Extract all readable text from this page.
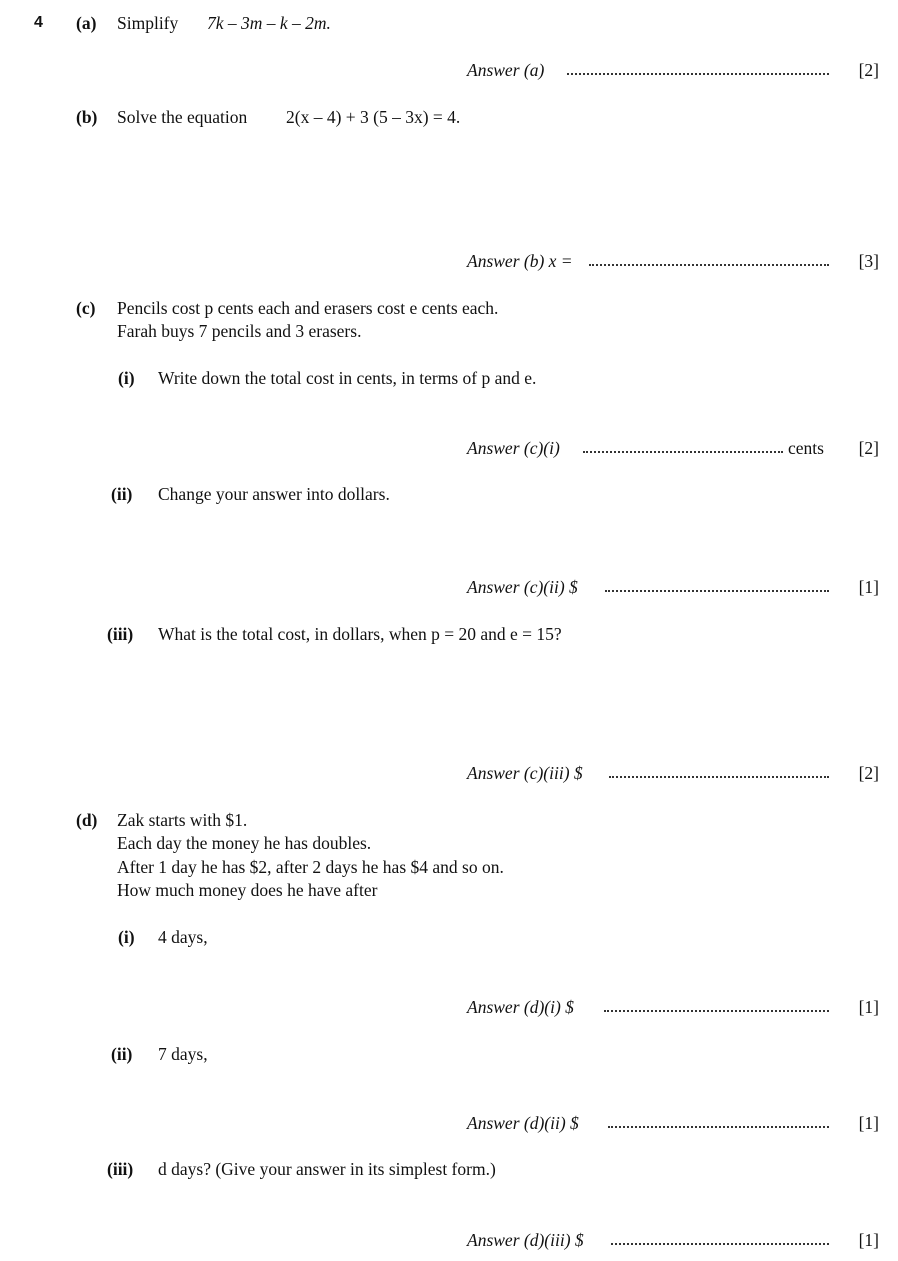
4 (a) Simplify 7k – 3m – k – 2m.
Answer (a)	[2]
(b) Solve the equation 2(x – 4) + 3 (5 – 3x) = 4.
Answer (b) x =	[3]
(c) Pencils cost p cents each and erasers cost e cents each.
Farah buys 7 pencils and 3 erasers.
(i) Write down the total cost in cents, in terms of p and e.
Answer (c)(i)	cents [2]
(ii) Change your answer into dollars.
Answer (c)(ii) $	[1]
(iii) What is the total cost, in dollars, when p = 20 and e = 15?
Answer (c)(iii) $	[2]
(d) Zak starts with $1.
Each day the money he has doubles.
After 1 day he has $2, after 2 days he has $4 and so on.
How much money does he have after
(i) 4 days,
Answer (d)(i) $	[1]
(ii) 7 days,
Answer (d)(ii) $	[1]
(iii) d days? (Give your answer in its simplest form.)
Answer (d)(iii) $	[1]
